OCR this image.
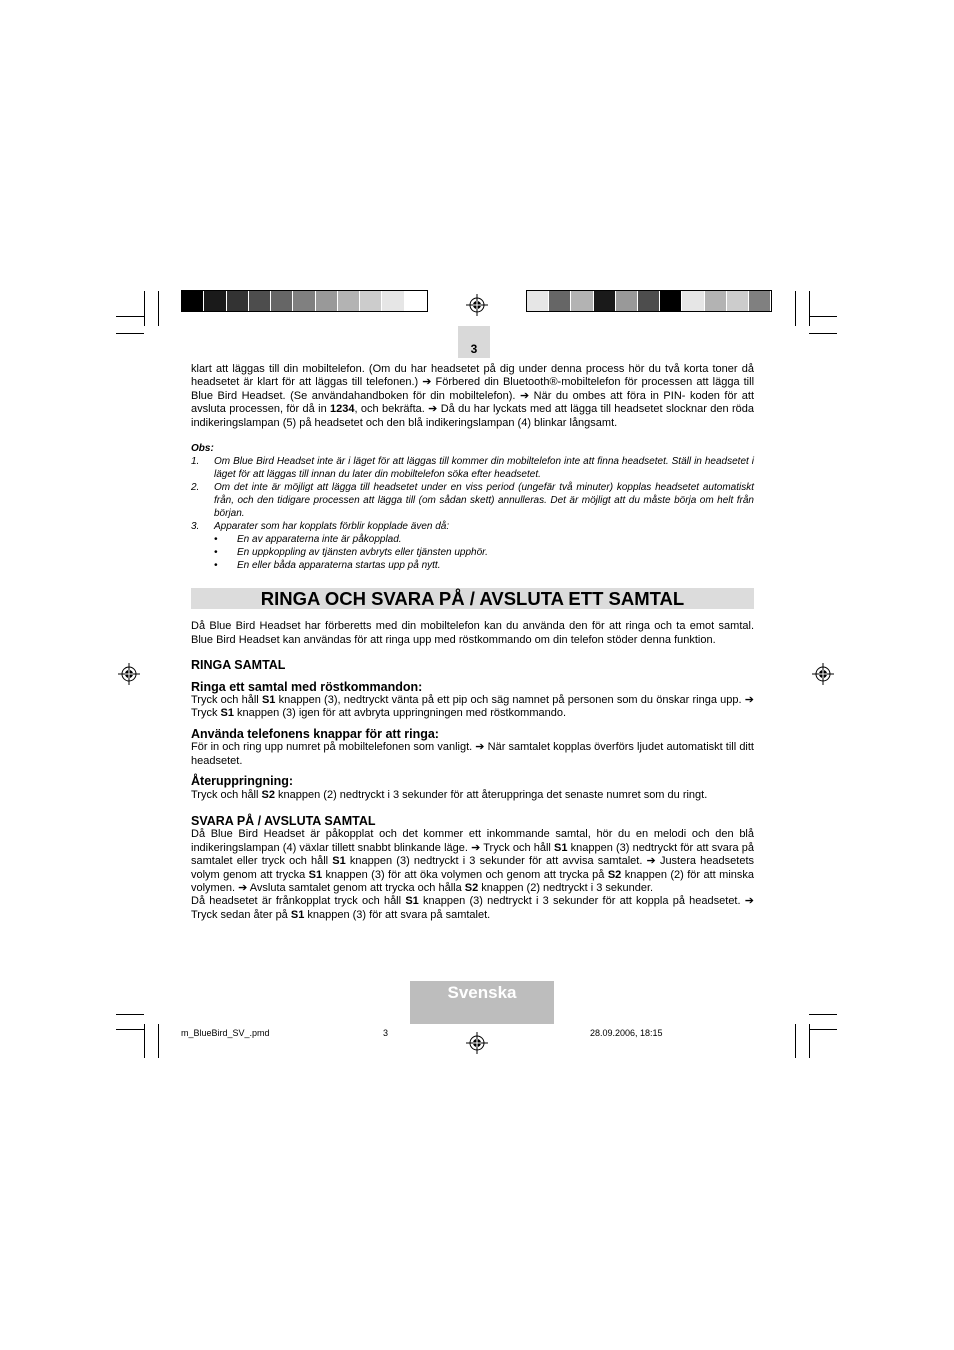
3

klart att läggas till din mobiltelefon. (Om du har headsetet på dig under denna process hör du två korta toner då headsetet är klart för att läggas till telefonen.) ➔ Förbered din Bluetooth®-mobiltelefon för processen att lägga till Blue Bird Headset. (Se användahandboken för din mobiltelefon). ➔ När du ombes att föra in PIN- koden för att avsluta processen, för då in 1234, och bekräfta. ➔ Då du har lyckats med att lägga till headsetet slocknar den röda indikeringslampan (5) på headsetet och den blå indikeringslampan (4) blinkar långsamt.

Obs:
1. Om Blue Bird Headset inte är i läget för att läggas till kommer din mobiltelefon inte att finna headsetet. Ställ in headsetet i läget för att läggas till innan du later din mobiltelefon söka efter headsetet.
2. Om det inte är möjligt att lägga till headsetet under en viss period (ungefär två minuter) kopplas headsetet automatiskt från, och den tidigare processen att lägga till (om sådan skett) annulleras. Det är möjligt att du måste börja om helt från början.
3. Apparater som har kopplats förblir kopplade även då:
• En av apparaterna inte är påkopplad.
• En uppkoppling av tjänsten avbryts eller tjänsten upphör.
• En eller båda apparaterna startas upp på nytt.
RINGA OCH SVARA PÅ / AVSLUTA ETT SAMTAL

Då Blue Bird Headset har förberetts med din mobiltelefon kan du använda den för att ringa och ta emot samtal. Blue Bird Headset kan användas för att ringa upp med röstkommando om din telefon stöder denna funktion.

RINGA SAMTAL
Ringa ett samtal med röstkommandon:

Tryck och håll S1 knappen (3), nedtryckt vänta på ett pip och säg namnet på personen som du önskar ringa upp. ➔ Tryck S1 knappen (3) igen för att avbryta uppringningen med röstkommando.

Använda telefonens knappar för att ringa:

För in och ring upp numret på mobiltelefonen som vanligt. ➔ När samtalet kopplas överförs ljudet automatiskt till ditt headsetet.

Återuppringning:

Tryck och håll S2 knappen (2) nedtryckt i 3 sekunder för att återuppringa det senaste numret som du ringt.

SVARA PÅ / AVSLUTA SAMTAL

Då Blue Bird Headset är påkopplat och det kommer ett inkommande samtal, hör du en melodi och den blå indikeringslampan (4) växlar tillett snabbt blinkande läge. ➔ Tryck och håll S1 knappen (3) nedtryckt för att svara på samtalet eller tryck och håll S1 knappen (3) nedtryckt i 3 sekunder för att avvisa samtalet. ➔ Justera headsetets volym genom att trycka S1 knappen (3) för att öka volymen och genom att trycka på S2 knappen (2) för att minska volymen. ➔ Avsluta samtalet genom att trycka och hålla S2 knappen (2) nedtryckt i 3 sekunder.

Då headsetet är frånkopplat tryck och håll S1 knappen (3) nedtryckt i 3 sekunder för att koppla på headsetet. ➔ Tryck sedan åter på S1 knappen (3) för att svara på samtalet.

Svenska
m_BlueBird_SV_.pmd	3	28.09.2006, 18:15
